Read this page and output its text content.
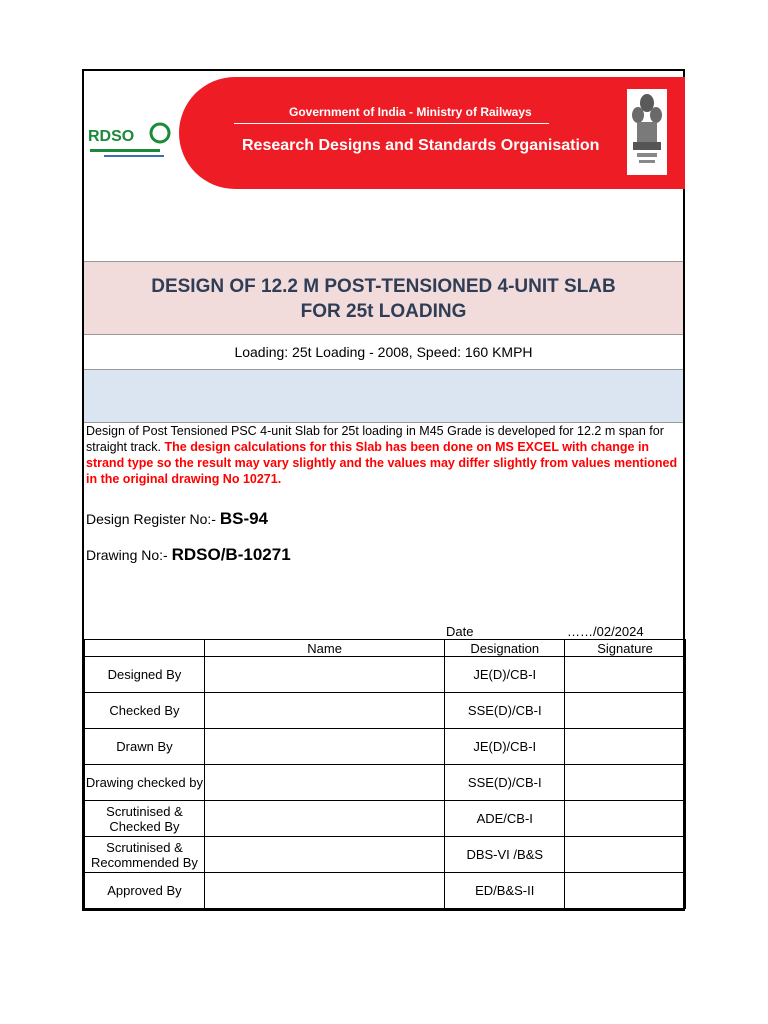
RDSO
Government of India - Ministry of Railways
Research Designs and Standards Organisation
DESIGN OF 12.2 M POST-TENSIONED 4-UNIT SLAB
FOR 25t LOADING
Loading: 25t Loading - 2008, Speed: 160 KMPH
Design of Post Tensioned PSC 4-unit Slab for 25t loading in M45 Grade is developed for 12.2 m span for straight track. The design calculations for this Slab has been done on MS EXCEL with change in strand type so the result may vary slightly and the values may differ slightly from values mentioned in the original drawing No 10271.
Design Register No:- BS-94
Drawing No:- RDSO/B-10271
Date	……/02/2024
	Name	Designation	Signature
Designed By		JE(D)/CB-I	
Checked By		SSE(D)/CB-I	
Drawn By		JE(D)/CB-I	
Drawing checked by		SSE(D)/CB-I	
Scrutinised & Checked By		ADE/CB-I	
Scrutinised & Recommended By		DBS-VI /B&S	
Approved By		ED/B&S-II	
